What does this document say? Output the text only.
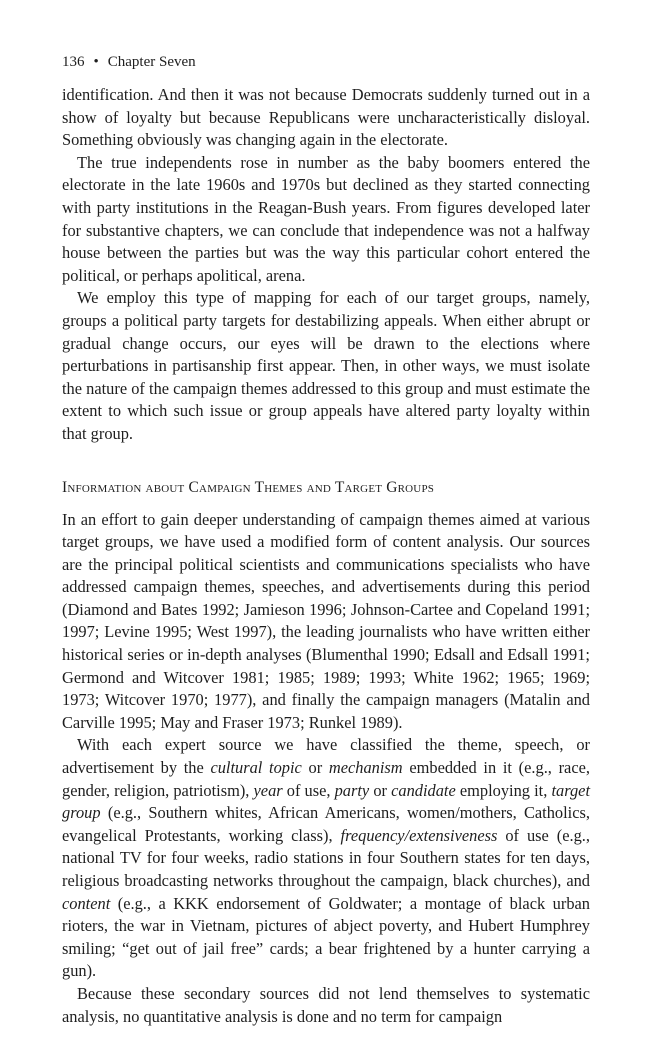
136 • Chapter Seven

identification. And then it was not because Democrats suddenly turned out in a show of loyalty but because Republicans were uncharacteristically disloyal. Something obviously was changing again in the electorate.

The true independents rose in number as the baby boomers entered the electorate in the late 1960s and 1970s but declined as they started connecting with party institutions in the Reagan-Bush years. From figures developed later for substantive chapters, we can conclude that independence was not a halfway house between the parties but was the way this particular cohort entered the political, or perhaps apolitical, arena.

We employ this type of mapping for each of our target groups, namely, groups a political party targets for destabilizing appeals. When either abrupt or gradual change occurs, our eyes will be drawn to the elections where perturbations in partisanship first appear. Then, in other ways, we must isolate the nature of the campaign themes addressed to this group and must estimate the extent to which such issue or group appeals have altered party loyalty within that group.

Information about Campaign Themes and Target Groups

In an effort to gain deeper understanding of campaign themes aimed at various target groups, we have used a modified form of content analysis. Our sources are the principal political scientists and communications specialists who have addressed campaign themes, speeches, and advertisements during this period (Diamond and Bates 1992; Jamieson 1996; Johnson-Cartee and Copeland 1991; 1997; Levine 1995; West 1997), the leading journalists who have written either historical series or in-depth analyses (Blumenthal 1990; Edsall and Edsall 1991; Germond and Witcover 1981; 1985; 1989; 1993; White 1962; 1965; 1969; 1973; Witcover 1970; 1977), and finally the campaign managers (Matalin and Carville 1995; May and Fraser 1973; Runkel 1989).

With each expert source we have classified the theme, speech, or advertisement by the cultural topic or mechanism embedded in it (e.g., race, gender, religion, patriotism), year of use, party or candidate employing it, target group (e.g., Southern whites, African Americans, women/mothers, Catholics, evangelical Protestants, working class), frequency/extensiveness of use (e.g., national TV for four weeks, radio stations in four Southern states for ten days, religious broadcasting networks throughout the campaign, black churches), and content (e.g., a KKK endorsement of Goldwater; a montage of black urban rioters, the war in Vietnam, pictures of abject poverty, and Hubert Humphrey smiling; “get out of jail free” cards; a bear frightened by a hunter carrying a gun).

Because these secondary sources did not lend themselves to systematic analysis, no quantitative analysis is done and no term for campaign
